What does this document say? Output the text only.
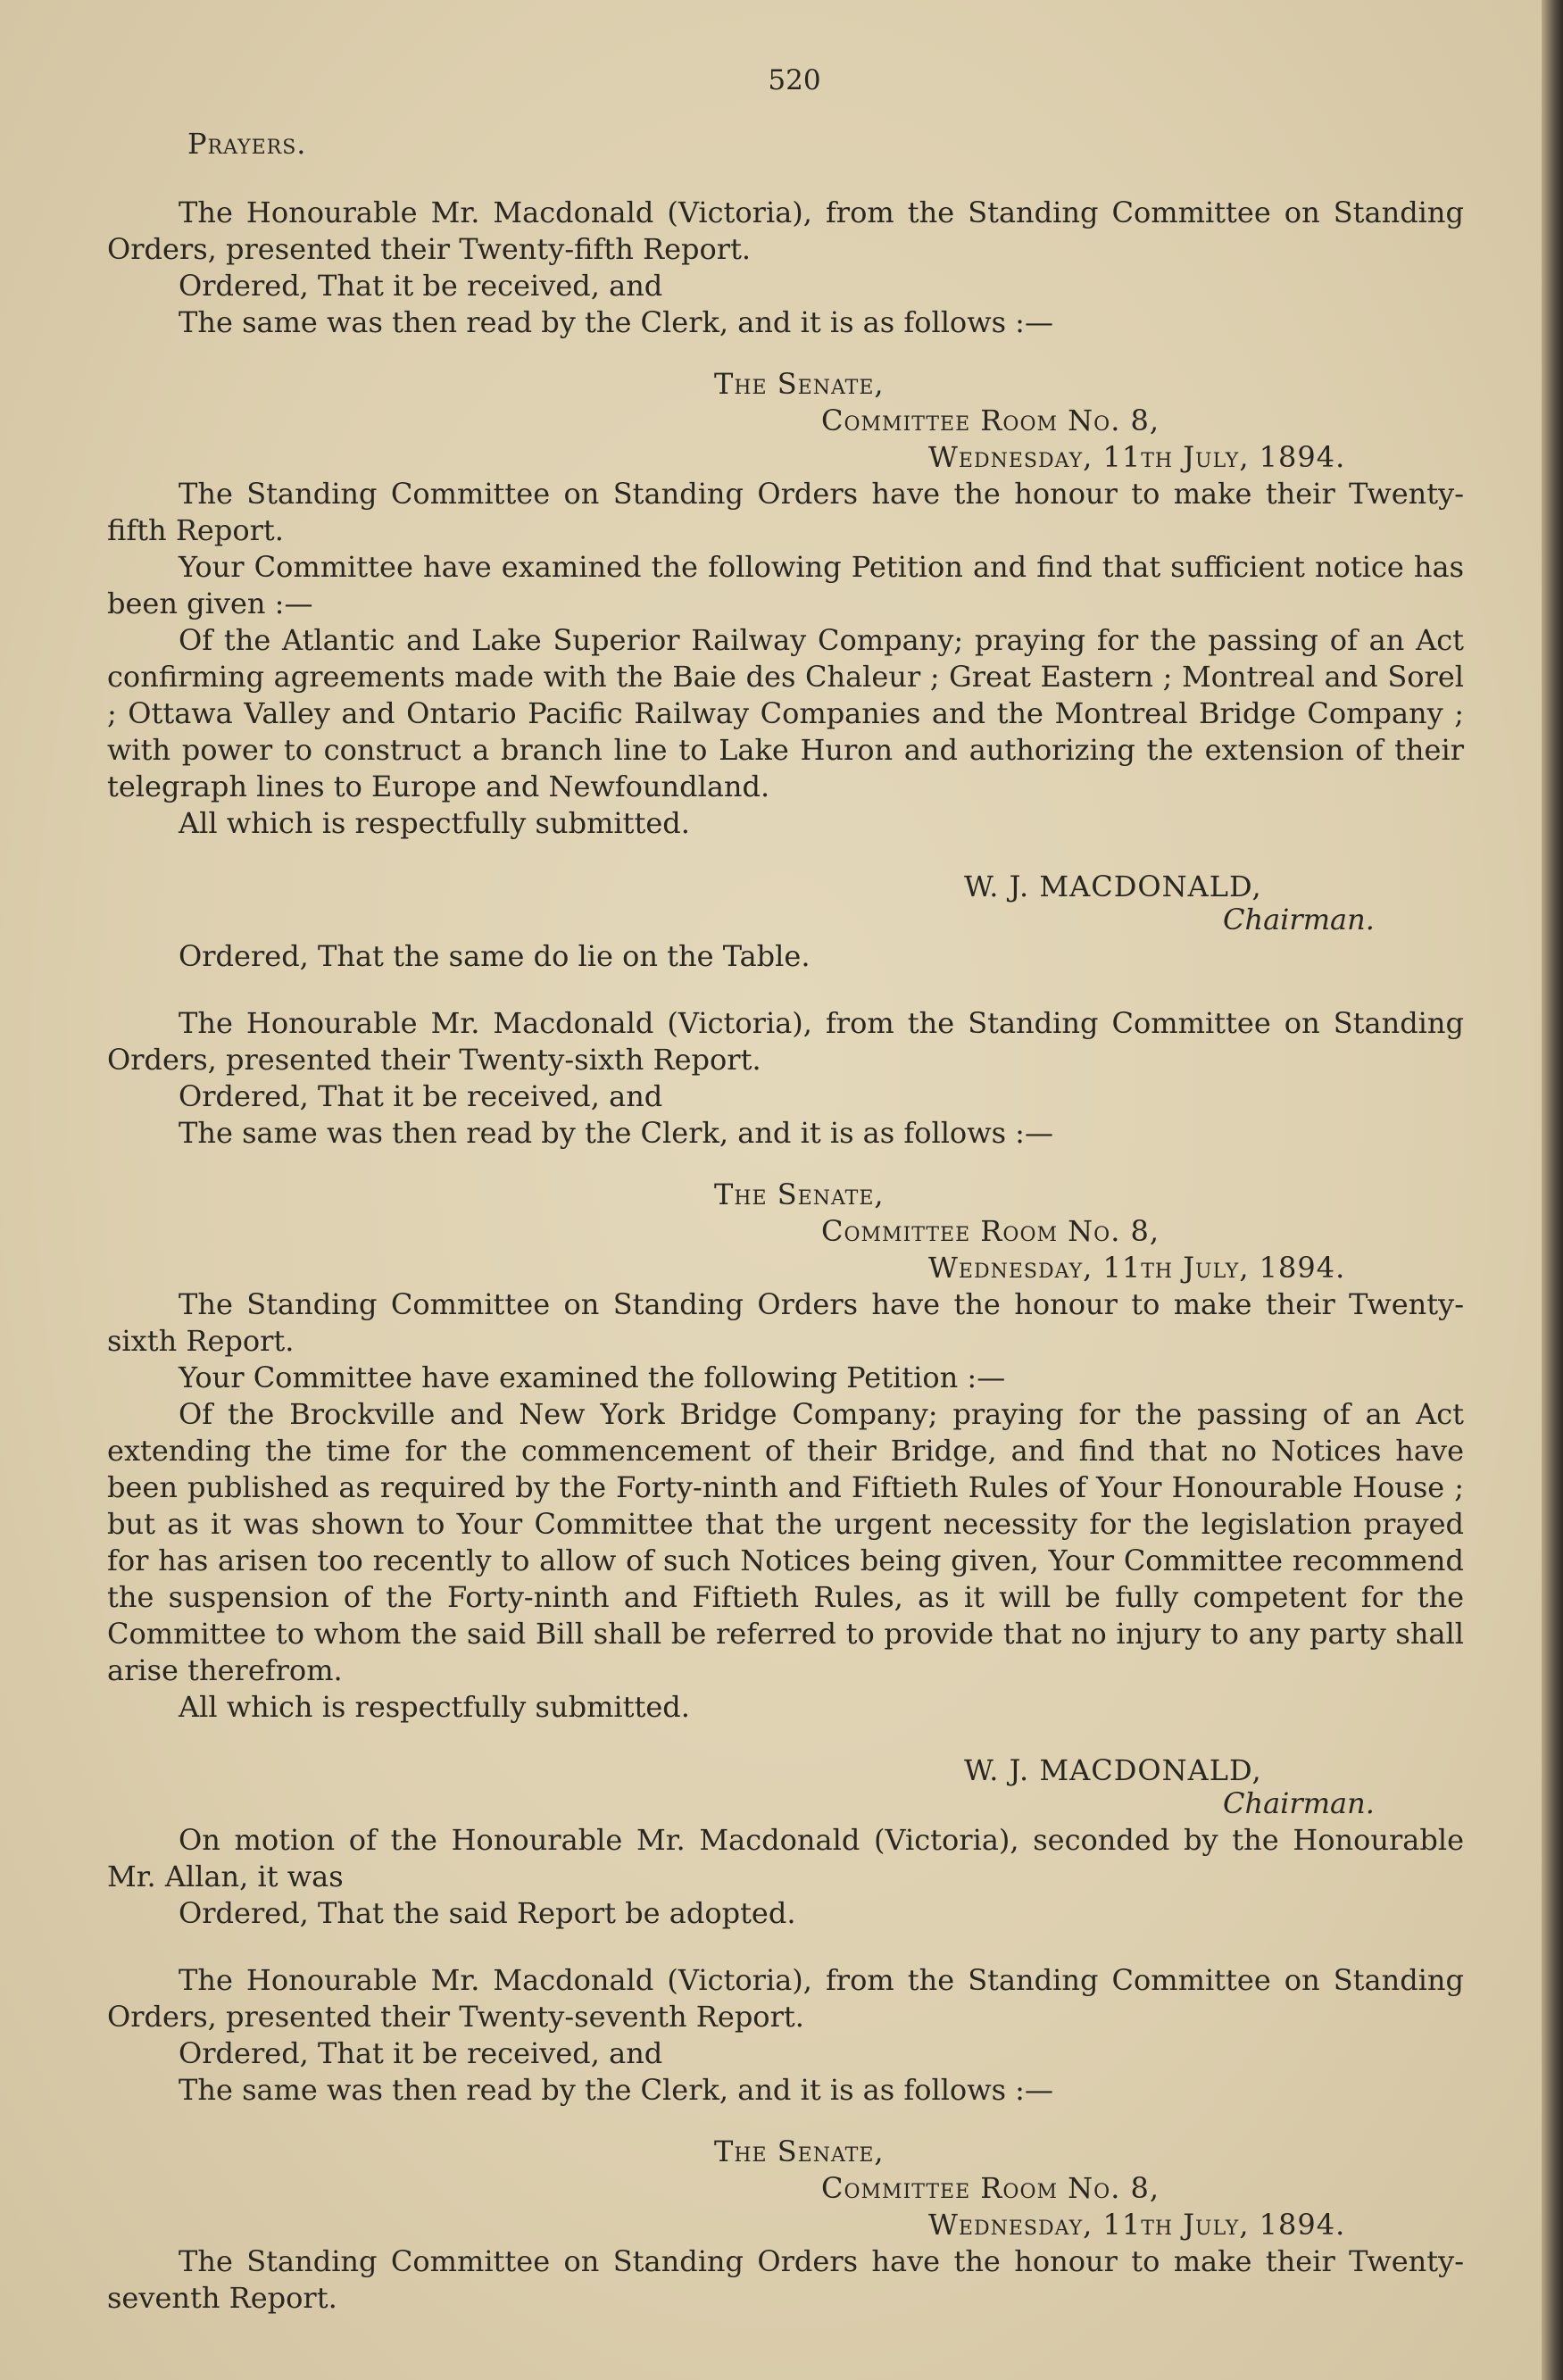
520
Prayers.

The Honourable Mr. Macdonald (Victoria), from the Standing Committee on Standing Orders, presented their Twenty-fifth Report.

Ordered, That it be received, and

The same was then read by the Clerk, and it is as follows :—

The Senate,

Committee Room No. 8,

Wednesday, 11th July, 1894.

The Standing Committee on Standing Orders have the honour to make their Twenty-fifth Report.

Your Committee have examined the following Petition and find that sufficient notice has been given :—

Of the Atlantic and Lake Superior Railway Company; praying for the passing of an Act confirming agreements made with the Baie des Chaleur ; Great Eastern ; Montreal and Sorel ; Ottawa Valley and Ontario Pacific Railway Companies and the Montreal Bridge Company ; with power to construct a branch line to Lake Huron and authorizing the extension of their telegraph lines to Europe and Newfoundland.

All which is respectfully submitted.

W. J. MACDONALD,

Chairman.

Ordered, That the same do lie on the Table.

The Honourable Mr. Macdonald (Victoria), from the Standing Committee on Standing Orders, presented their Twenty-sixth Report.

Ordered, That it be received, and

The same was then read by the Clerk, and it is as follows :—

The Senate,

Committee Room No. 8,

Wednesday, 11th July, 1894.

The Standing Committee on Standing Orders have the honour to make their Twenty-sixth Report.

Your Committee have examined the following Petition :—

Of the Brockville and New York Bridge Company; praying for the passing of an Act extending the time for the commencement of their Bridge, and find that no Notices have been published as required by the Forty-ninth and Fiftieth Rules of Your Honourable House ; but as it was shown to Your Committee that the urgent necessity for the legislation prayed for has arisen too recently to allow of such Notices being given, Your Committee recommend the suspension of the Forty-ninth and Fiftieth Rules, as it will be fully competent for the Committee to whom the said Bill shall be referred to provide that no injury to any party shall arise therefrom.

All which is respectfully submitted.

W. J. MACDONALD,

Chairman.

On motion of the Honourable Mr. Macdonald (Victoria), seconded by the Honourable Mr. Allan, it was

Ordered, That the said Report be adopted.

The Honourable Mr. Macdonald (Victoria), from the Standing Committee on Standing Orders, presented their Twenty-seventh Report.

Ordered, That it be received, and

The same was then read by the Clerk, and it is as follows :—

The Senate,

Committee Room No. 8,

Wednesday, 11th July, 1894.

The Standing Committee on Standing Orders have the honour to make their Twenty-seventh Report.
